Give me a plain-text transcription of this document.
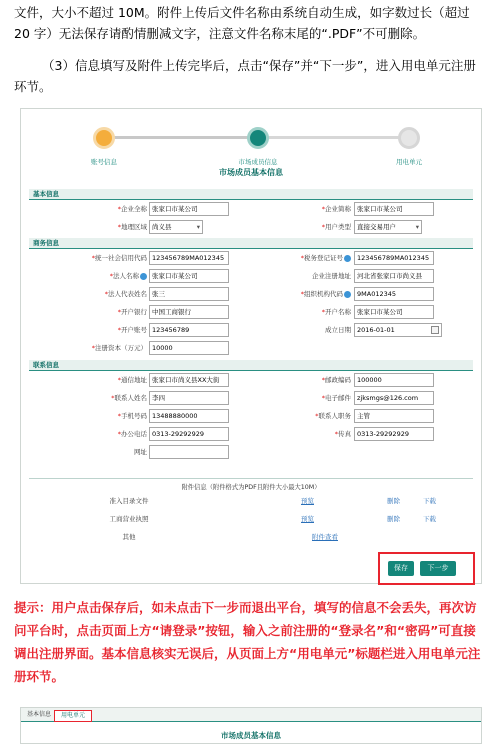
文件，大小不超过 10M。附件上传后文件名称由系统自动生成，如字数过长（超过 20 字）无法保存请酌情删减文字，注意文件名称末尾的“.PDF”不可删除。

（3）信息填写及附件上传完毕后，点击“保存”并“下一步”，进入用电单元注册环节。

账号信息	市场成员信息	用电单元
市场成员基本信息
基本信息
*企业全称 张家口市某公司	*企业简称 张家口市某公司
*地理区域 尚义县 ▾	*用户类型 直接交易用户 ▾
商务信息
*统一社会信用代码 123456789MA012345	*税务登记证号	123456789MA012345
*法人名称	张家口市某公司	企业注册地址 河北省张家口市尚义县
*法人代表姓名 张三	*组织机构代码	9MA012345
*开户银行 中国工商银行	*开户名称 张家口市某公司
*开户账号 123456789	成立日期 2016-01-01
*注册资本（万元） 10000
联系信息
*通信地址 张家口市尚义县XX大街	*邮政编码 100000
*联系人姓名 李四	*电子邮件 zjksmgs@126.com
*手机号码 13488880000	*联系人职务 主管
*办公电话 0313-29292929	*传真 0313-29292929
网址
附件信息（附件格式为PDF且附件大小最大10M）
准入目录文件	预览	删除	下载
工商营业执照	预览	删除	下载
其他	附件查看
保存	下一步

提示：用户点击保存后，如未点击下一步而退出平台，填写的信息不会丢失，再次访问平台时，点击页面上方“请登录”按钮，输入之前注册的“登录名”和“密码”可直接调出注册界面。基本信息核实无误后，从页面上方“用电单元”标题栏进入用电单元注册环节。

基本信息	用电单元
市场成员基本信息
